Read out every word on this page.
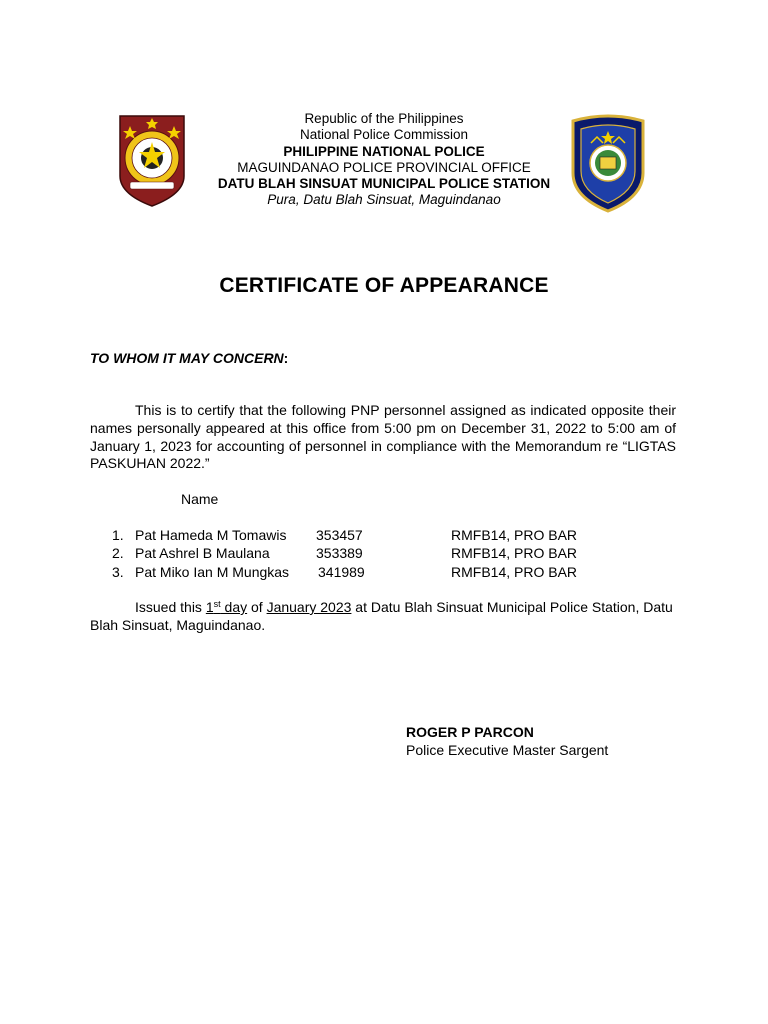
Republic of the Philippines
National Police Commission
PHILIPPINE NATIONAL POLICE
MAGUINDANAO POLICE PROVINCIAL OFFICE
DATU BLAH SINSUAT MUNICIPAL POLICE STATION
Pura, Datu Blah Sinsuat, Maguindanao
CERTIFICATE OF APPEARANCE
TO WHOM IT MAY CONCERN:
This is to certify that the following PNP personnel assigned as indicated opposite their names personally appeared at this office from 5:00 pm on December 31, 2022 to 5:00 am of January 1, 2023 for accounting of personnel in compliance with the Memorandum re “LIGTAS PASKUHAN 2022.”
Name
1. Pat Hameda M Tomawis 353457	RMFB14, PRO BAR
2. Pat Ashrel B Maulana	353389	RMFB14, PRO BAR
3. Pat Miko Ian M Mungkas 341989	RMFB14, PRO BAR
Issued this 1st day of January 2023 at Datu Blah Sinsuat Municipal Police Station, Datu Blah Sinsuat, Maguindanao.
ROGER P PARCON
Police Executive Master Sargent
